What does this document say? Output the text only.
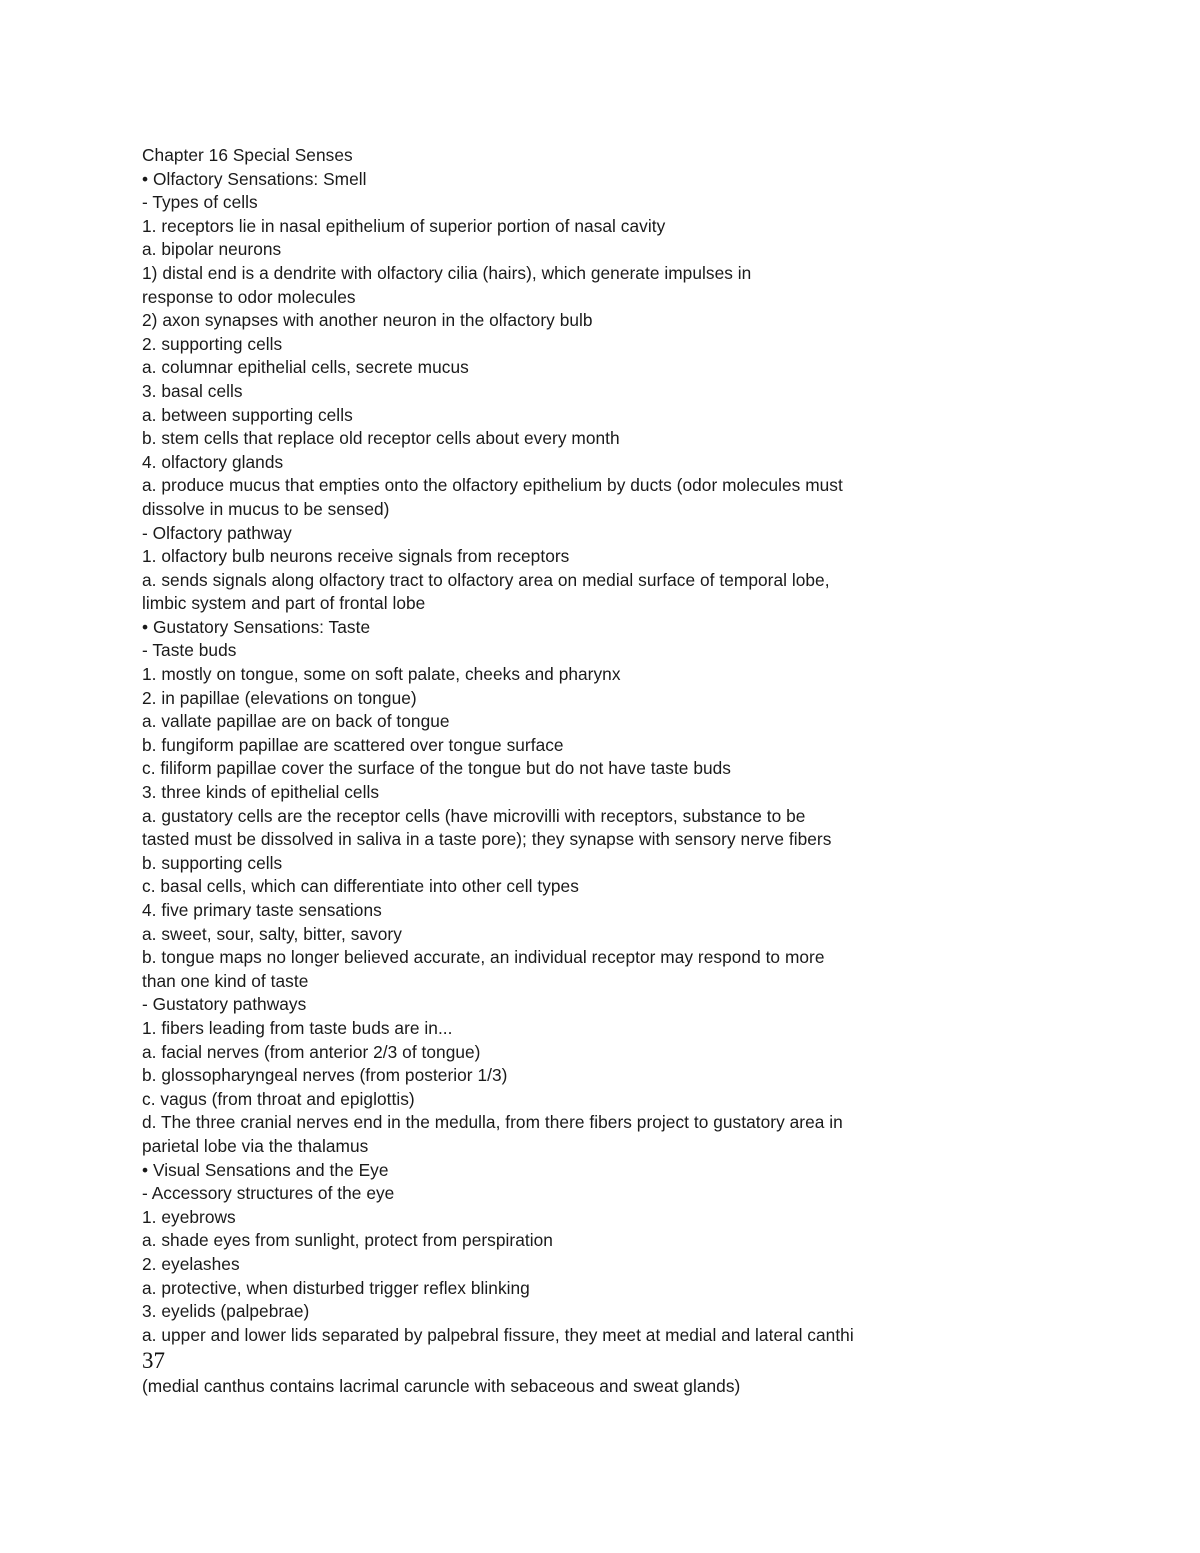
Chapter 16 Special Senses
• Olfactory Sensations: Smell
- Types of cells
1. receptors lie in nasal epithelium of superior portion of nasal cavity
a. bipolar neurons
1) distal end is a dendrite with olfactory cilia (hairs), which generate impulses in
response to odor molecules
2) axon synapses with another neuron in the olfactory bulb
2. supporting cells
a. columnar epithelial cells, secrete mucus
3. basal cells
a. between supporting cells
b. stem cells that replace old receptor cells about every month
4. olfactory glands
a. produce mucus that empties onto the olfactory epithelium by ducts (odor molecules must
dissolve in mucus to be sensed)
- Olfactory pathway
1. olfactory bulb neurons receive signals from receptors
a. sends signals along olfactory tract to olfactory area on medial surface of temporal lobe,
limbic system and part of frontal lobe
• Gustatory Sensations: Taste
- Taste buds
1. mostly on tongue, some on soft palate, cheeks and pharynx
2. in papillae (elevations on tongue)
a. vallate papillae are on back of tongue
b. fungiform papillae are scattered over tongue surface
c. filiform papillae cover the surface of the tongue but do not have taste buds
3. three kinds of epithelial cells
a. gustatory cells are the receptor cells (have microvilli with receptors, substance to be
tasted must be dissolved in saliva in a taste pore); they synapse with sensory nerve fibers
b. supporting cells
c. basal cells, which can differentiate into other cell types
4. five primary taste sensations
a. sweet, sour, salty, bitter, savory
b. tongue maps no longer believed accurate, an individual receptor may respond to more
than one kind of taste
- Gustatory pathways
1. fibers leading from taste buds are in...
a. facial nerves (from anterior 2/3 of tongue)
b. glossopharyngeal nerves (from posterior 1/3)
c. vagus (from throat and epiglottis)
d. The three cranial nerves end in the medulla, from there fibers project to gustatory area in
parietal lobe via the thalamus
• Visual Sensations and the Eye
- Accessory structures of the eye
1. eyebrows
a. shade eyes from sunlight, protect from perspiration
2. eyelashes
a. protective, when disturbed trigger reflex blinking
3. eyelids (palpebrae)
a. upper and lower lids separated by palpebral fissure, they meet at medial and lateral canthi
37
(medial canthus contains lacrimal caruncle with sebaceous and sweat glands)
